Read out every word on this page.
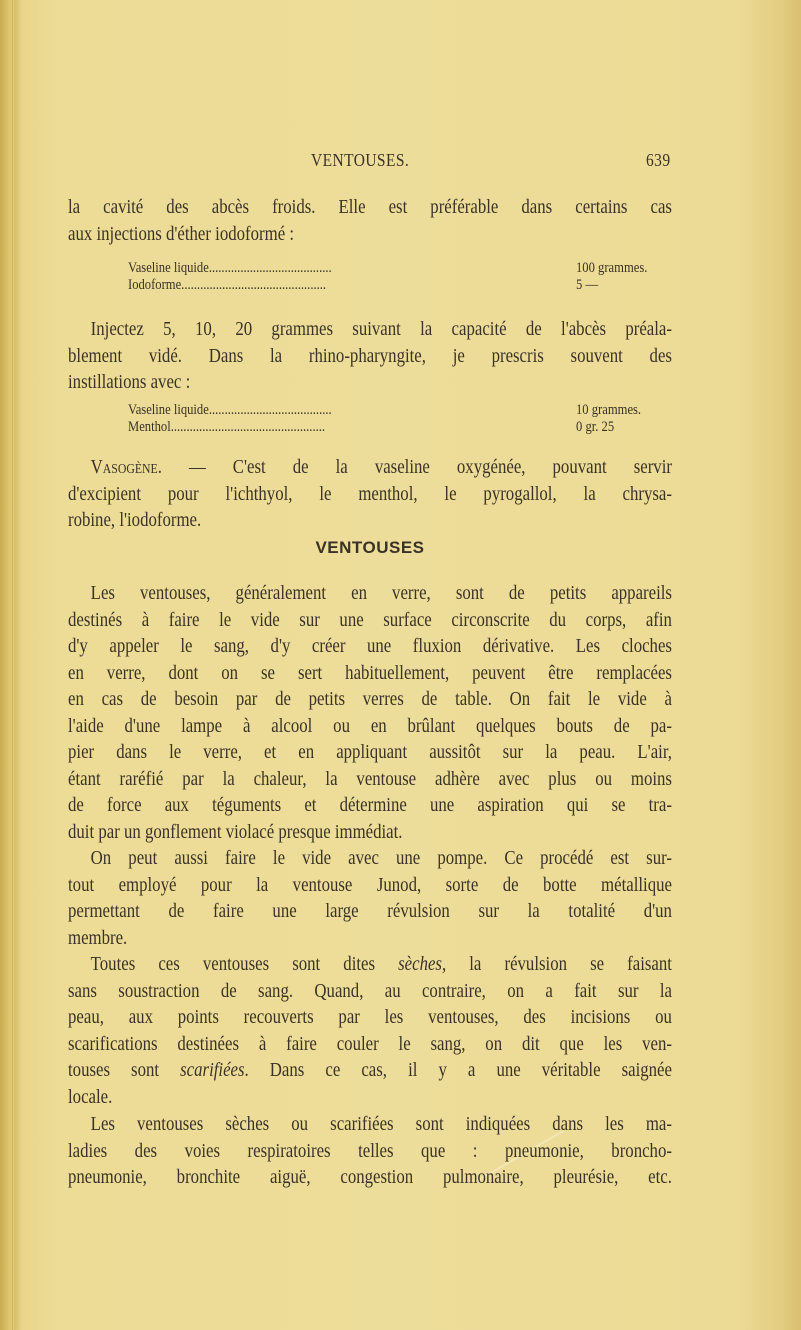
VENTOUSES.	639
la cavité des abcès froids. Elle est préférable dans certains cas
aux injections d'éther iodoformé :
Vaseline liquide.......................................	100 grammes.
Iodoforme..............................................	5 —
Injectez 5, 10, 20 grammes suivant la capacité de l'abcès préala-
blement vidé. Dans la rhino-pharyngite, je prescris souvent des
instillations avec :
Vaseline liquide.......................................	10 grammes.
Menthol.................................................	0 gr. 25
Vasogène. — C'est de la vaseline oxygénée, pouvant servir
d'excipient pour l'ichthyol, le menthol, le pyrogallol, la chrysa-
robine, l'iodoforme.
VENTOUSES
Les ventouses, généralement en verre, sont de petits appareils
destinés à faire le vide sur une surface circonscrite du corps, afin
d'y appeler le sang, d'y créer une fluxion dérivative. Les cloches
en verre, dont on se sert habituellement, peuvent être remplacées
en cas de besoin par de petits verres de table. On fait le vide à
l'aide d'une lampe à alcool ou en brûlant quelques bouts de pa-
pier dans le verre, et en appliquant aussitôt sur la peau. L'air,
étant raréfié par la chaleur, la ventouse adhère avec plus ou moins
de force aux téguments et détermine une aspiration qui se tra-
duit par un gonflement violacé presque immédiat.
On peut aussi faire le vide avec une pompe. Ce procédé est sur-
tout employé pour la ventouse Junod, sorte de botte métallique
permettant de faire une large révulsion sur la totalité d'un
membre.
Toutes ces ventouses sont dites sèches, la révulsion se faisant
sans soustraction de sang. Quand, au contraire, on a fait sur la
peau, aux points recouverts par les ventouses, des incisions ou
scarifications destinées à faire couler le sang, on dit que les ven-
touses sont scarifiées. Dans ce cas, il y a une véritable saignée
locale.
Les ventouses sèches ou scarifiées sont indiquées dans les ma-
ladies des voies respiratoires telles que : pneumonie, broncho-
pneumonie, bronchite aiguë, congestion pulmonaire, pleurésie, etc.
